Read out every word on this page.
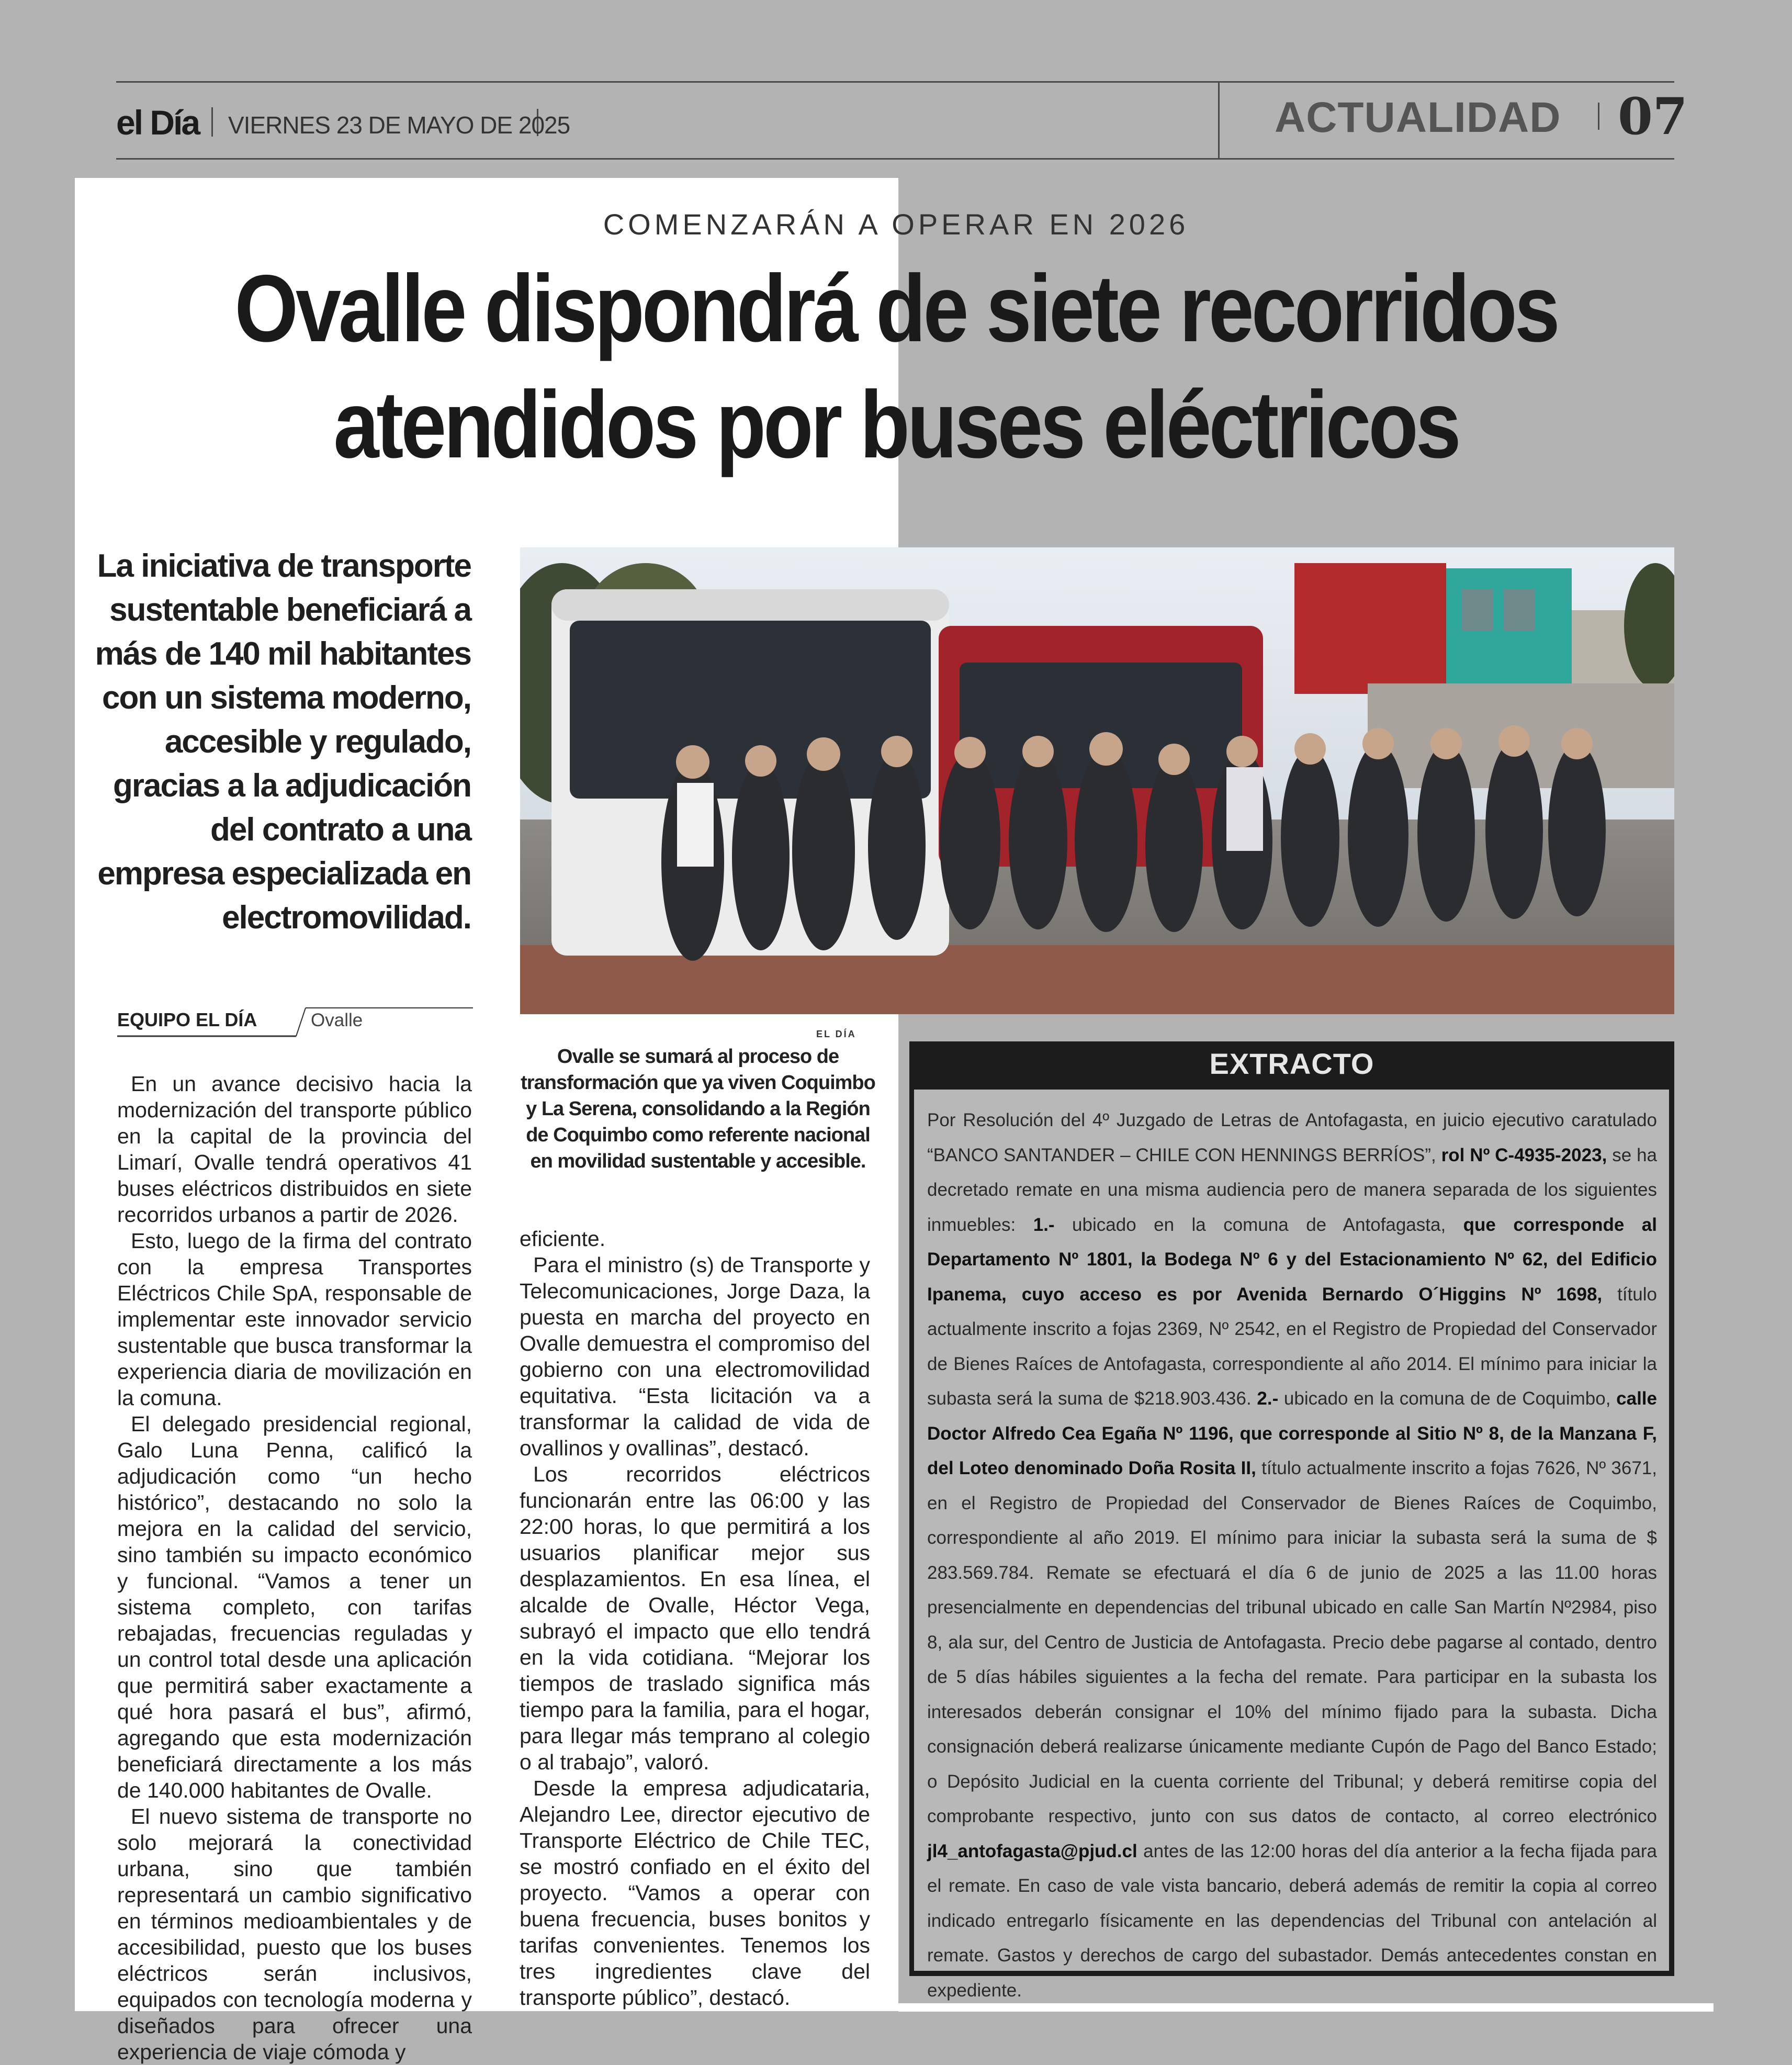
el Día VIERNES 23 DE MAYO DE 2025	ACTUALIDAD 07
COMENZARÁN A OPERAR EN 2026
Ovalle dispondrá de siete recorridos
atendidos por buses eléctricos
La iniciativa de transporte sustentable beneficiará a más de 140 mil habitantes con un sistema moderno, accesible y regulado, gracias a la adjudicación del contrato a una empresa especializada en electromovilidad.
EL DÍA
Ovalle se sumará al proceso de transformación que ya viven Coquimbo y La Serena, consolidando a la Región de Coquimbo como referente nacional en movilidad sustentable y accesible.
EQUIPO EL DÍA	Ovalle

En un avance decisivo hacia la modernización del transporte público en la capital de la provincia del Limarí, Ovalle tendrá operativos 41 buses eléctricos distribuidos en siete recorridos urbanos a partir de 2026.

Esto, luego de la firma del contrato con la empresa Transportes Eléctricos Chile SpA, responsable de implementar este innovador servicio sustentable que busca transformar la experiencia diaria de movilización en la comuna.

El delegado presidencial regional, Galo Luna Penna, calificó la adjudicación como “un hecho histórico”, destacando no solo la mejora en la calidad del servicio, sino también su impacto económico y funcional. “Vamos a tener un sistema completo, con tarifas rebajadas, frecuencias reguladas y un control total desde una aplicación que permitirá saber exactamente a qué hora pasará el bus”, afirmó, agregando que esta modernización beneficiará directamente a los más de 140.000 habitantes de Ovalle.

El nuevo sistema de transporte no solo mejorará la conectividad urbana, sino que también representará un cambio significativo en términos medioambientales y de accesibilidad, puesto que los buses eléctricos serán inclusivos, equipados con tecnología moderna y diseñados para ofrecer una experiencia de viaje cómoda y

eficiente.

Para el ministro (s) de Transporte y Telecomunicaciones, Jorge Daza, la puesta en marcha del proyecto en Ovalle demuestra el compromiso del gobierno con una electromovilidad equitativa. “Esta licitación va a transformar la calidad de vida de ovallinos y ovallinas”, destacó.

Los recorridos eléctricos funcionarán entre las 06:00 y las 22:00 horas, lo que permitirá a los usuarios planificar mejor sus desplazamientos. En esa línea, el alcalde de Ovalle, Héctor Vega, subrayó el impacto que ello tendrá en la vida cotidiana. “Mejorar los tiempos de traslado significa más tiempo para la familia, para el hogar, para llegar más temprano al colegio o al trabajo”, valoró.

Desde la empresa adjudicataria, Alejandro Lee, director ejecutivo de Transporte Eléctrico de Chile TEC, se mostró confiado en el éxito del proyecto. “Vamos a operar con buena frecuencia, buses bonitos y tarifas convenientes. Tenemos los tres ingredientes clave del transporte público”, destacó.

EXTRACTO
Por Resolución del 4º Juzgado de Letras de Antofagasta, en juicio ejecutivo caratulado “BANCO SANTANDER – CHILE CON HENNINGS BERRÍOS”, rol Nº C-4935-2023, se ha decretado remate en una misma audiencia pero de manera separada de los siguientes inmuebles: 1.- ubicado en la comuna de Antofagasta, que corresponde al Departamento Nº 1801, la Bodega Nº 6 y del Estacionamiento Nº 62, del Edificio Ipanema, cuyo acceso es por Avenida Bernardo O´Higgins Nº 1698, título actualmente inscrito a fojas 2369, Nº 2542, en el Registro de Propiedad del Conservador de Bienes Raíces de Antofagasta, correspondiente al año 2014. El mínimo para iniciar la subasta será la suma de $218.903.436. 2.- ubicado en la comuna de de Coquimbo, calle Doctor Alfredo Cea Egaña Nº 1196, que corresponde al Sitio Nº 8, de la Manzana F, del Loteo denominado Doña Rosita II, título actualmente inscrito a fojas 7626, Nº 3671, en el Registro de Propiedad del Conservador de Bienes Raíces de Coquimbo, correspondiente al año 2019. El mínimo para iniciar la subasta será la suma de $ 283.569.784. Remate se efectuará el día 6 de junio de 2025 a las 11.00 horas presencialmente en dependencias del tribunal ubicado en calle San Martín Nº2984, piso 8, ala sur, del Centro de Justicia de Antofagasta. Precio debe pagarse al contado, dentro de 5 días hábiles siguientes a la fecha del remate. Para participar en la subasta los interesados deberán consignar el 10% del mínimo fijado para la subasta. Dicha consignación deberá realizarse únicamente mediante Cupón de Pago del Banco Estado; o Depósito Judicial en la cuenta corriente del Tribunal; y deberá remitirse copia del comprobante respectivo, junto con sus datos de contacto, al correo electrónico jl4_antofagasta@pjud.cl antes de las 12:00 horas del día anterior a la fecha fijada para el remate. En caso de vale vista bancario, deberá además de remitir la copia al correo indicado entregarlo físicamente en las dependencias del Tribunal con antelación al remate. Gastos y derechos de cargo del subastador. Demás antecedentes constan en expediente.
